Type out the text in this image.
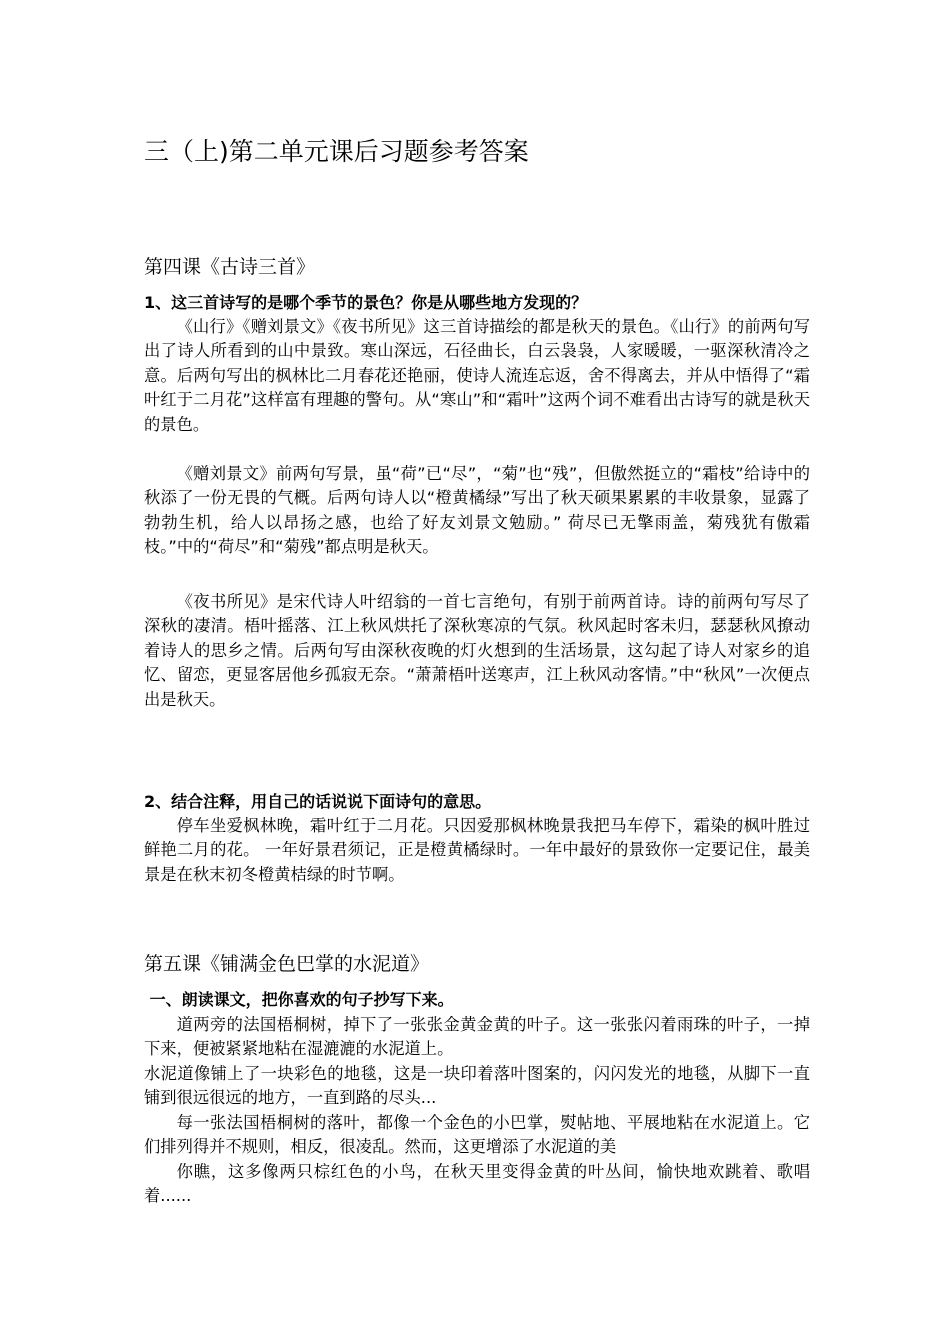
三（上)第二单元课后习题参考答案
第四课《古诗三首》
1、这三首诗写的是哪个季节的景色？你是从哪些地方发现的？

《山行》《赠刘景文》《夜书所见》这三首诗描绘的都是秋天的景色。《山行》的前两句写出了诗人所看到的山中景致。寒山深远，石径曲长，白云袅袅，人家暖暖，一驱深秋清冷之意。后两句写出的枫林比二月春花还艳丽，使诗人流连忘返，舍不得离去，并从中悟得了“霜叶红于二月花”这样富有理趣的警句。从“寒山”和“霜叶”这两个词不难看出古诗写的就是秋天的景色。

《赠刘景文》前两句写景，虽“荷”已“尽”，“菊”也“残”，但傲然挺立的“霜枝”给诗中的秋添了一份无畏的气概。后两句诗人以“橙黄橘绿”写出了秋天硕果累累的丰收景象，显露了勃勃生机，给人以昂扬之感，也给了好友刘景文勉励。” 荷尽已无擎雨盖，菊残犹有傲霜枝。”中的“荷尽”和“菊残”都点明是秋天。

《夜书所见》是宋代诗人叶绍翁的一首七言绝句，有别于前两首诗。诗的前两句写尽了深秋的凄清。梧叶摇落、江上秋风烘托了深秋寒凉的气氛。秋风起时客未归，瑟瑟秋风撩动着诗人的思乡之情。后两句写由深秋夜晚的灯火想到的生活场景，这勾起了诗人对家乡的追忆、留恋，更显客居他乡孤寂无奈。“萧萧梧叶送寒声，江上秋风动客情。”中“秋风”一次便点出是秋天。

2、结合注释，用自己的话说说下面诗句的意思。

停车坐爱枫林晚，霜叶红于二月花。只因爱那枫林晚景我把马车停下，霜染的枫叶胜过鲜艳二月的花。 一年好景君须记，正是橙黄橘绿时。一年中最好的景致你一定要记住，最美景是在秋末初冬橙黄桔绿的时节啊。

第五课《铺满金色巴掌的水泥道》
一、朗读课文，把你喜欢的句子抄写下来。

道两旁的法国梧桐树，掉下了一张张金黄金黄的叶子。这一张张闪着雨珠的叶子，一掉下来，便被紧紧地粘在湿漉漉的水泥道上。

水泥道像铺上了一块彩色的地毯，这是一块印着落叶图案的，闪闪发光的地毯，从脚下一直铺到很远很远的地方，一直到路的尽头...

每一张法国梧桐树的落叶，都像一个金色的小巴掌，熨帖地、平展地粘在水泥道上。它们排列得并不规则，相反，很凌乱。然而，这更增添了水泥道的美

你瞧，这多像两只棕红色的小鸟，在秋天里变得金黄的叶丛间，愉快地欢跳着、歌唱着......
